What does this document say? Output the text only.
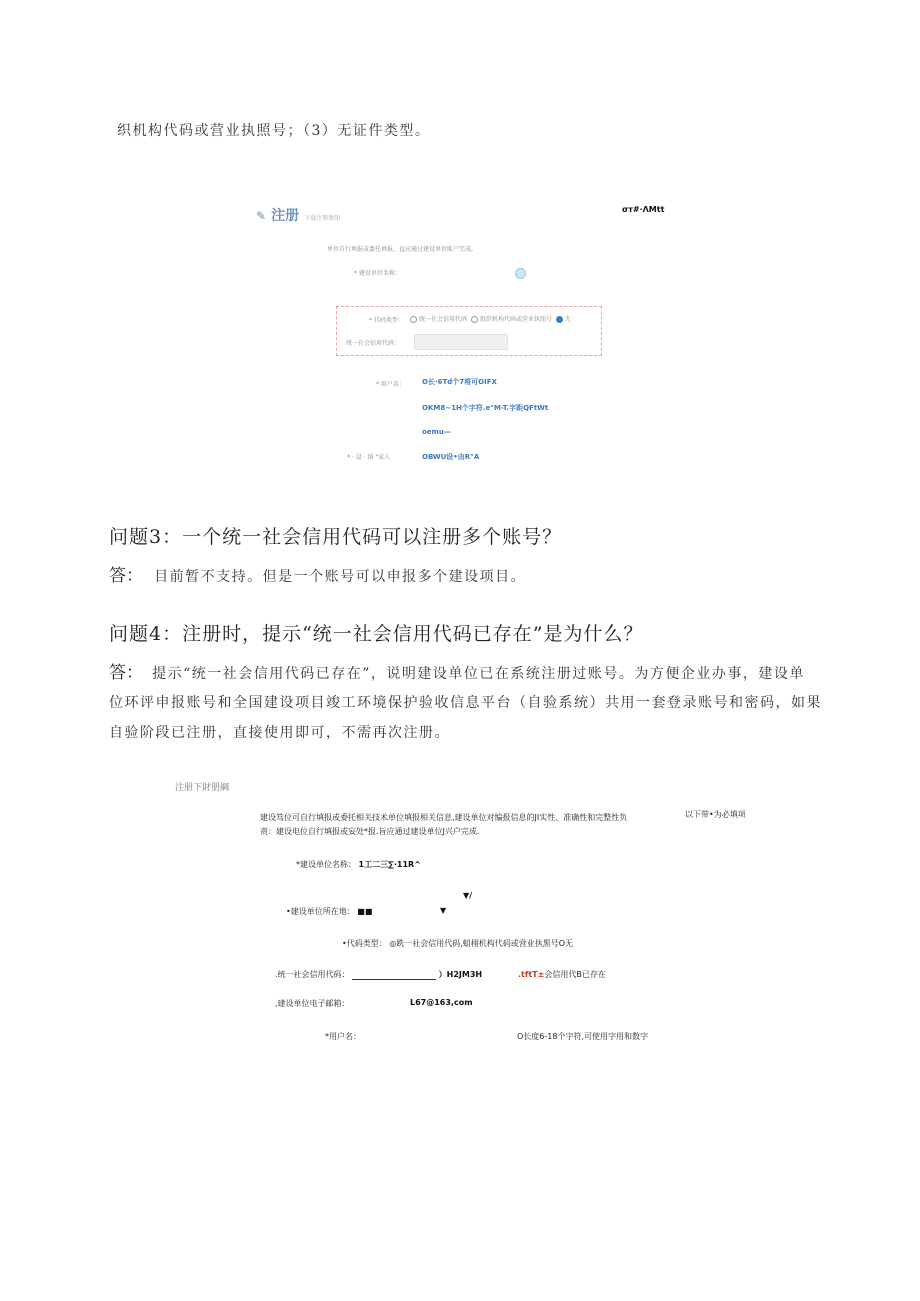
织机构代码或营业执照号；（3）无证件类型。
✎ 注册 下载注册须知
σт#·ΛMtt
单位自行填报或委托填报，直应通过建设单位账户完成。
* 建设单位名称：
* 代码类型：	统一社会信用代码 组织机构代码或营业执照号 无
统一社会信用代码：
* 用户名： O长·6Td个7将可OIFX
OKM8~1H个字符.e"M-T.字距QFtWt
oemu—
* · 设 · 纳 "家人	OBWU设•由R"A
问题3：一个统一社会信用代码可以注册多个账号？
答： 目前暂不支持。但是一个账号可以申报多个建设项目。
问题4：注册时，提示“统一社会信用代码已存在”是为什么？
答： 提示“统一社会信用代码已存在”，说明建设单位已在系统注册过账号。为方便企业办事，建设单
位环评申报账号和全国建设项目竣工环境保护验收信息平台（自验系统）共用一套登录账号和密码，如果
自验阶段已注册，直接使用即可，不需再次注册。
注册下財册綱
建设笃位可自行填报或委托相关技术单位填报相关信息,建设单位对编报信息的JI实性、准确性和完整性负	以下带•为必填项
责：建设电位自行填报或妄处*报.旨应通过建设单位J兴户完成.
*建设单位名称： 1工二三∑·11R^
▼/
•建设单位所在地： ■■	▼
•代码类型： ◎跣一社会信用代码,蛆栩机构代码或営业执黑号O无
.统一社会信用代码：	）H2JM3H	.tftT±会信用代B已存在
,建设单位电子邮箱：	L67@163,com
*用户名：	O长度6-18个字符,可使用字用和数字
